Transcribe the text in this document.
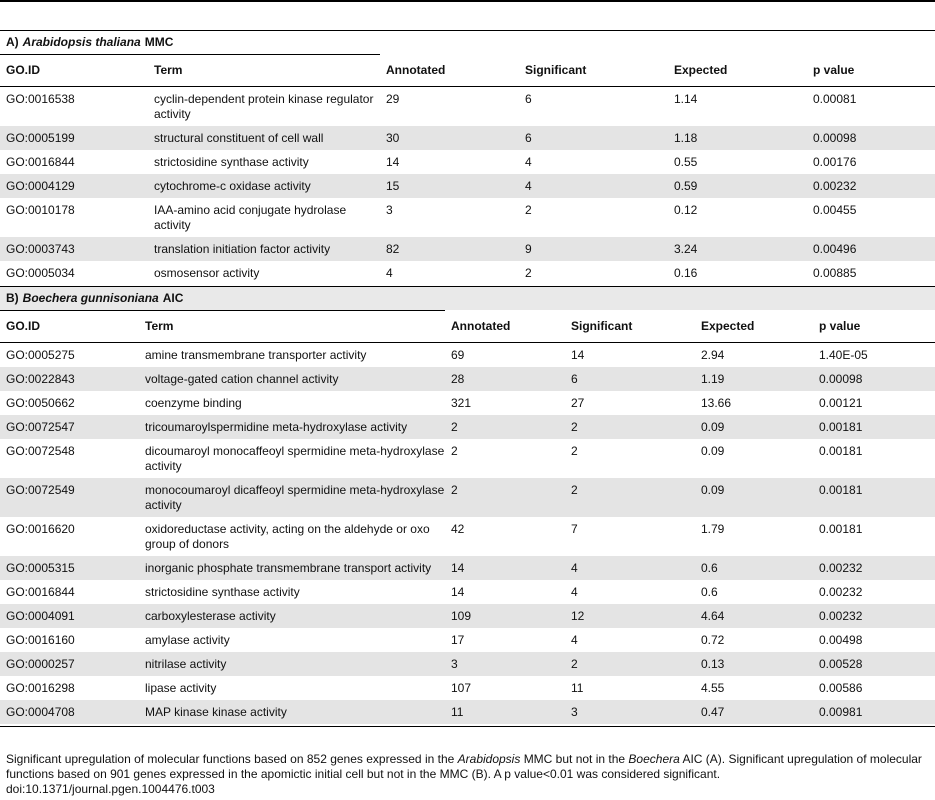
A) Arabidopsis thaliana MMC
GO.ID	Term	Annotated	Significant	Expected	p value
GO:0016538	cyclin-dependent protein kinase regulator activity	29	6	1.14	0.00081
GO:0005199	structural constituent of cell wall	30	6	1.18	0.00098
GO:0016844	strictosidine synthase activity	14	4	0.55	0.00176
GO:0004129	cytochrome-c oxidase activity	15	4	0.59	0.00232
GO:0010178	IAA-amino acid conjugate hydrolase activity	3	2	0.12	0.00455
GO:0003743	translation initiation factor activity	82	9	3.24	0.00496
GO:0005034	osmosensor activity	4	2	0.16	0.00885
B) Boechera gunnisoniana AIC
GO.ID	Term	Annotated	Significant	Expected	p value
GO:0005275	amine transmembrane transporter activity	69	14	2.94	1.40E-05
GO:0022843	voltage-gated cation channel activity	28	6	1.19	0.00098
GO:0050662	coenzyme binding	321	27	13.66	0.00121
GO:0072547	tricoumaroylspermidine meta-hydroxylase activity	2	2	0.09	0.00181
GO:0072548	dicoumaroyl monocaffeoyl spermidine meta-hydroxylase activity	2	2	0.09	0.00181
GO:0072549	monocoumaroyl dicaffeoyl spermidine meta-hydroxylase activity	2	2	0.09	0.00181
GO:0016620	oxidoreductase activity, acting on the aldehyde or oxo group of donors	42	7	1.79	0.00181
GO:0005315	inorganic phosphate transmembrane transport activity	14	4	0.6	0.00232
GO:0016844	strictosidine synthase activity	14	4	0.6	0.00232
GO:0004091	carboxylesterase activity	109	12	4.64	0.00232
GO:0016160	amylase activity	17	4	0.72	0.00498
GO:0000257	nitrilase activity	3	2	0.13	0.00528
GO:0016298	lipase activity	107	11	4.55	0.00586
GO:0004708	MAP kinase kinase activity	11	3	0.47	0.00981
Significant upregulation of molecular functions based on 852 genes expressed in the Arabidopsis MMC but not in the Boechera AIC (A). Significant upregulation of molecular functions based on 901 genes expressed in the apomictic initial cell but not in the MMC (B). A p value<0.01 was considered significant.
doi:10.1371/journal.pgen.1004476.t003
